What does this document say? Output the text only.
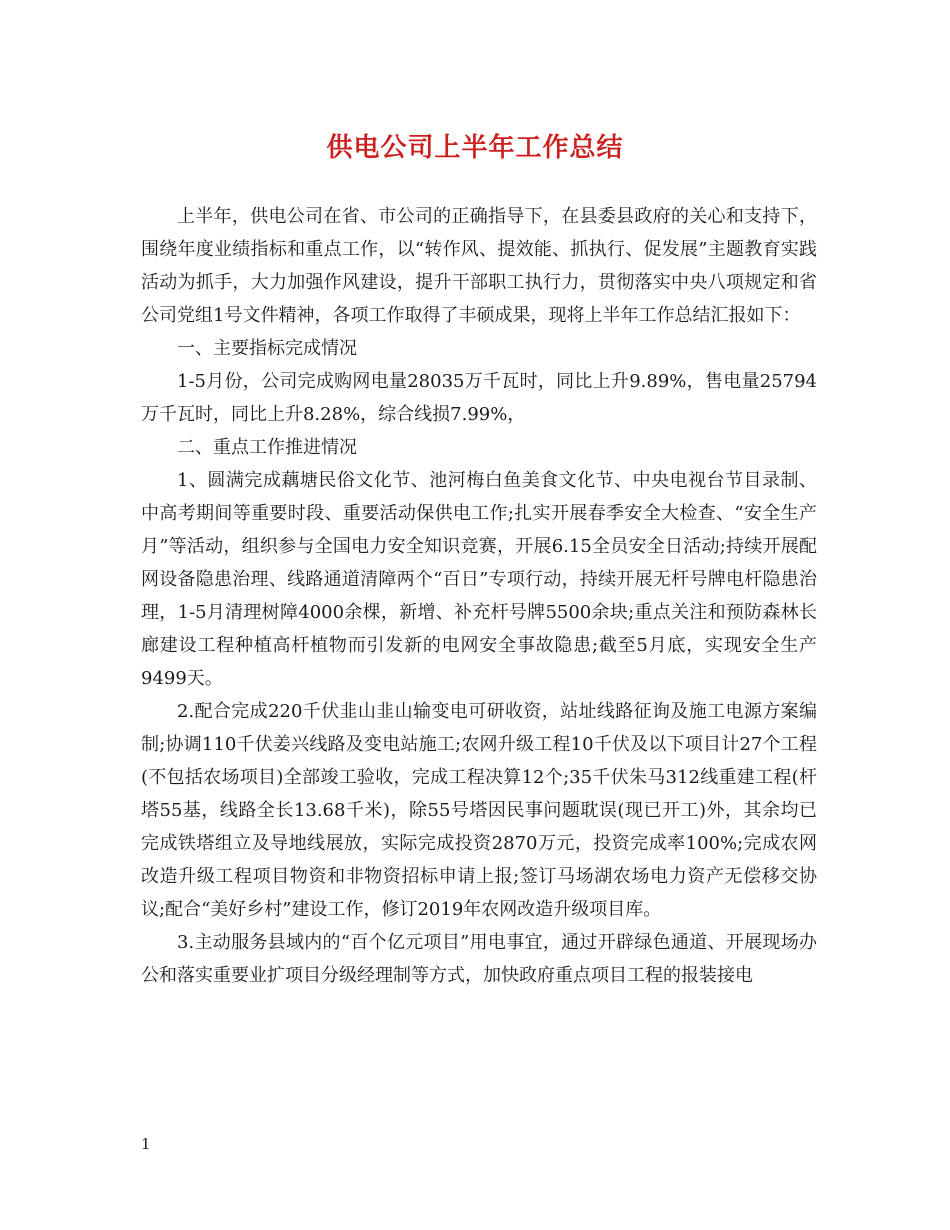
供电公司上半年工作总结

上半年，供电公司在省、市公司的正确指导下，在县委县政府的关心和支持下，围绕年度业绩指标和重点工作，以“转作风、提效能、抓执行、促发展”主题教育实践活动为抓手，大力加强作风建设，提升干部职工执行力，贯彻落实中央八项规定和省公司党组1号文件精神，各项工作取得了丰硕成果，现将上半年工作总结汇报如下：

一、主要指标完成情况

1-5月份，公司完成购网电量28035万千瓦时，同比上升9.89%，售电量25794万千瓦时，同比上升8.28%，综合线损7.99%，

二、重点工作推进情况

1、圆满完成藕塘民俗文化节、池河梅白鱼美食文化节、中央电视台节目录制、中高考期间等重要时段、重要活动保供电工作;扎实开展春季安全大检查、“安全生产月”等活动，组织参与全国电力安全知识竞赛，开展6.15全员安全日活动;持续开展配网设备隐患治理、线路通道清障两个“百日”专项行动，持续开展无杆号牌电杆隐患治理，1-5月清理树障4000余棵，新增、补充杆号牌5500余块;重点关注和预防森林长廊建设工程种植高杆植物而引发新的电网安全事故隐患;截至5月底，实现安全生产9499天。

2.配合完成220千伏韭山韭山输变电可研收资，站址线路征询及施工电源方案编制;协调110千伏姜兴线路及变电站施工;农网升级工程10千伏及以下项目计27个工程(不包括农场项目)全部竣工验收，完成工程决算12个;35千伏朱马312线重建工程(杆塔55基，线路全长13.68千米)，除55号塔因民事问题耽误(现已开工)外，其余均已完成铁塔组立及导地线展放，实际完成投资2870万元，投资完成率100%;完成农网改造升级工程项目物资和非物资招标申请上报;签订马场湖农场电力资产无偿移交协议;配合“美好乡村”建设工作，修订2019年农网改造升级项目库。

3.主动服务县域内的“百个亿元项目”用电事宜，通过开辟绿色通道、开展现场办公和落实重要业扩项目分级经理制等方式，加快政府重点项目工程的报装接电

1
